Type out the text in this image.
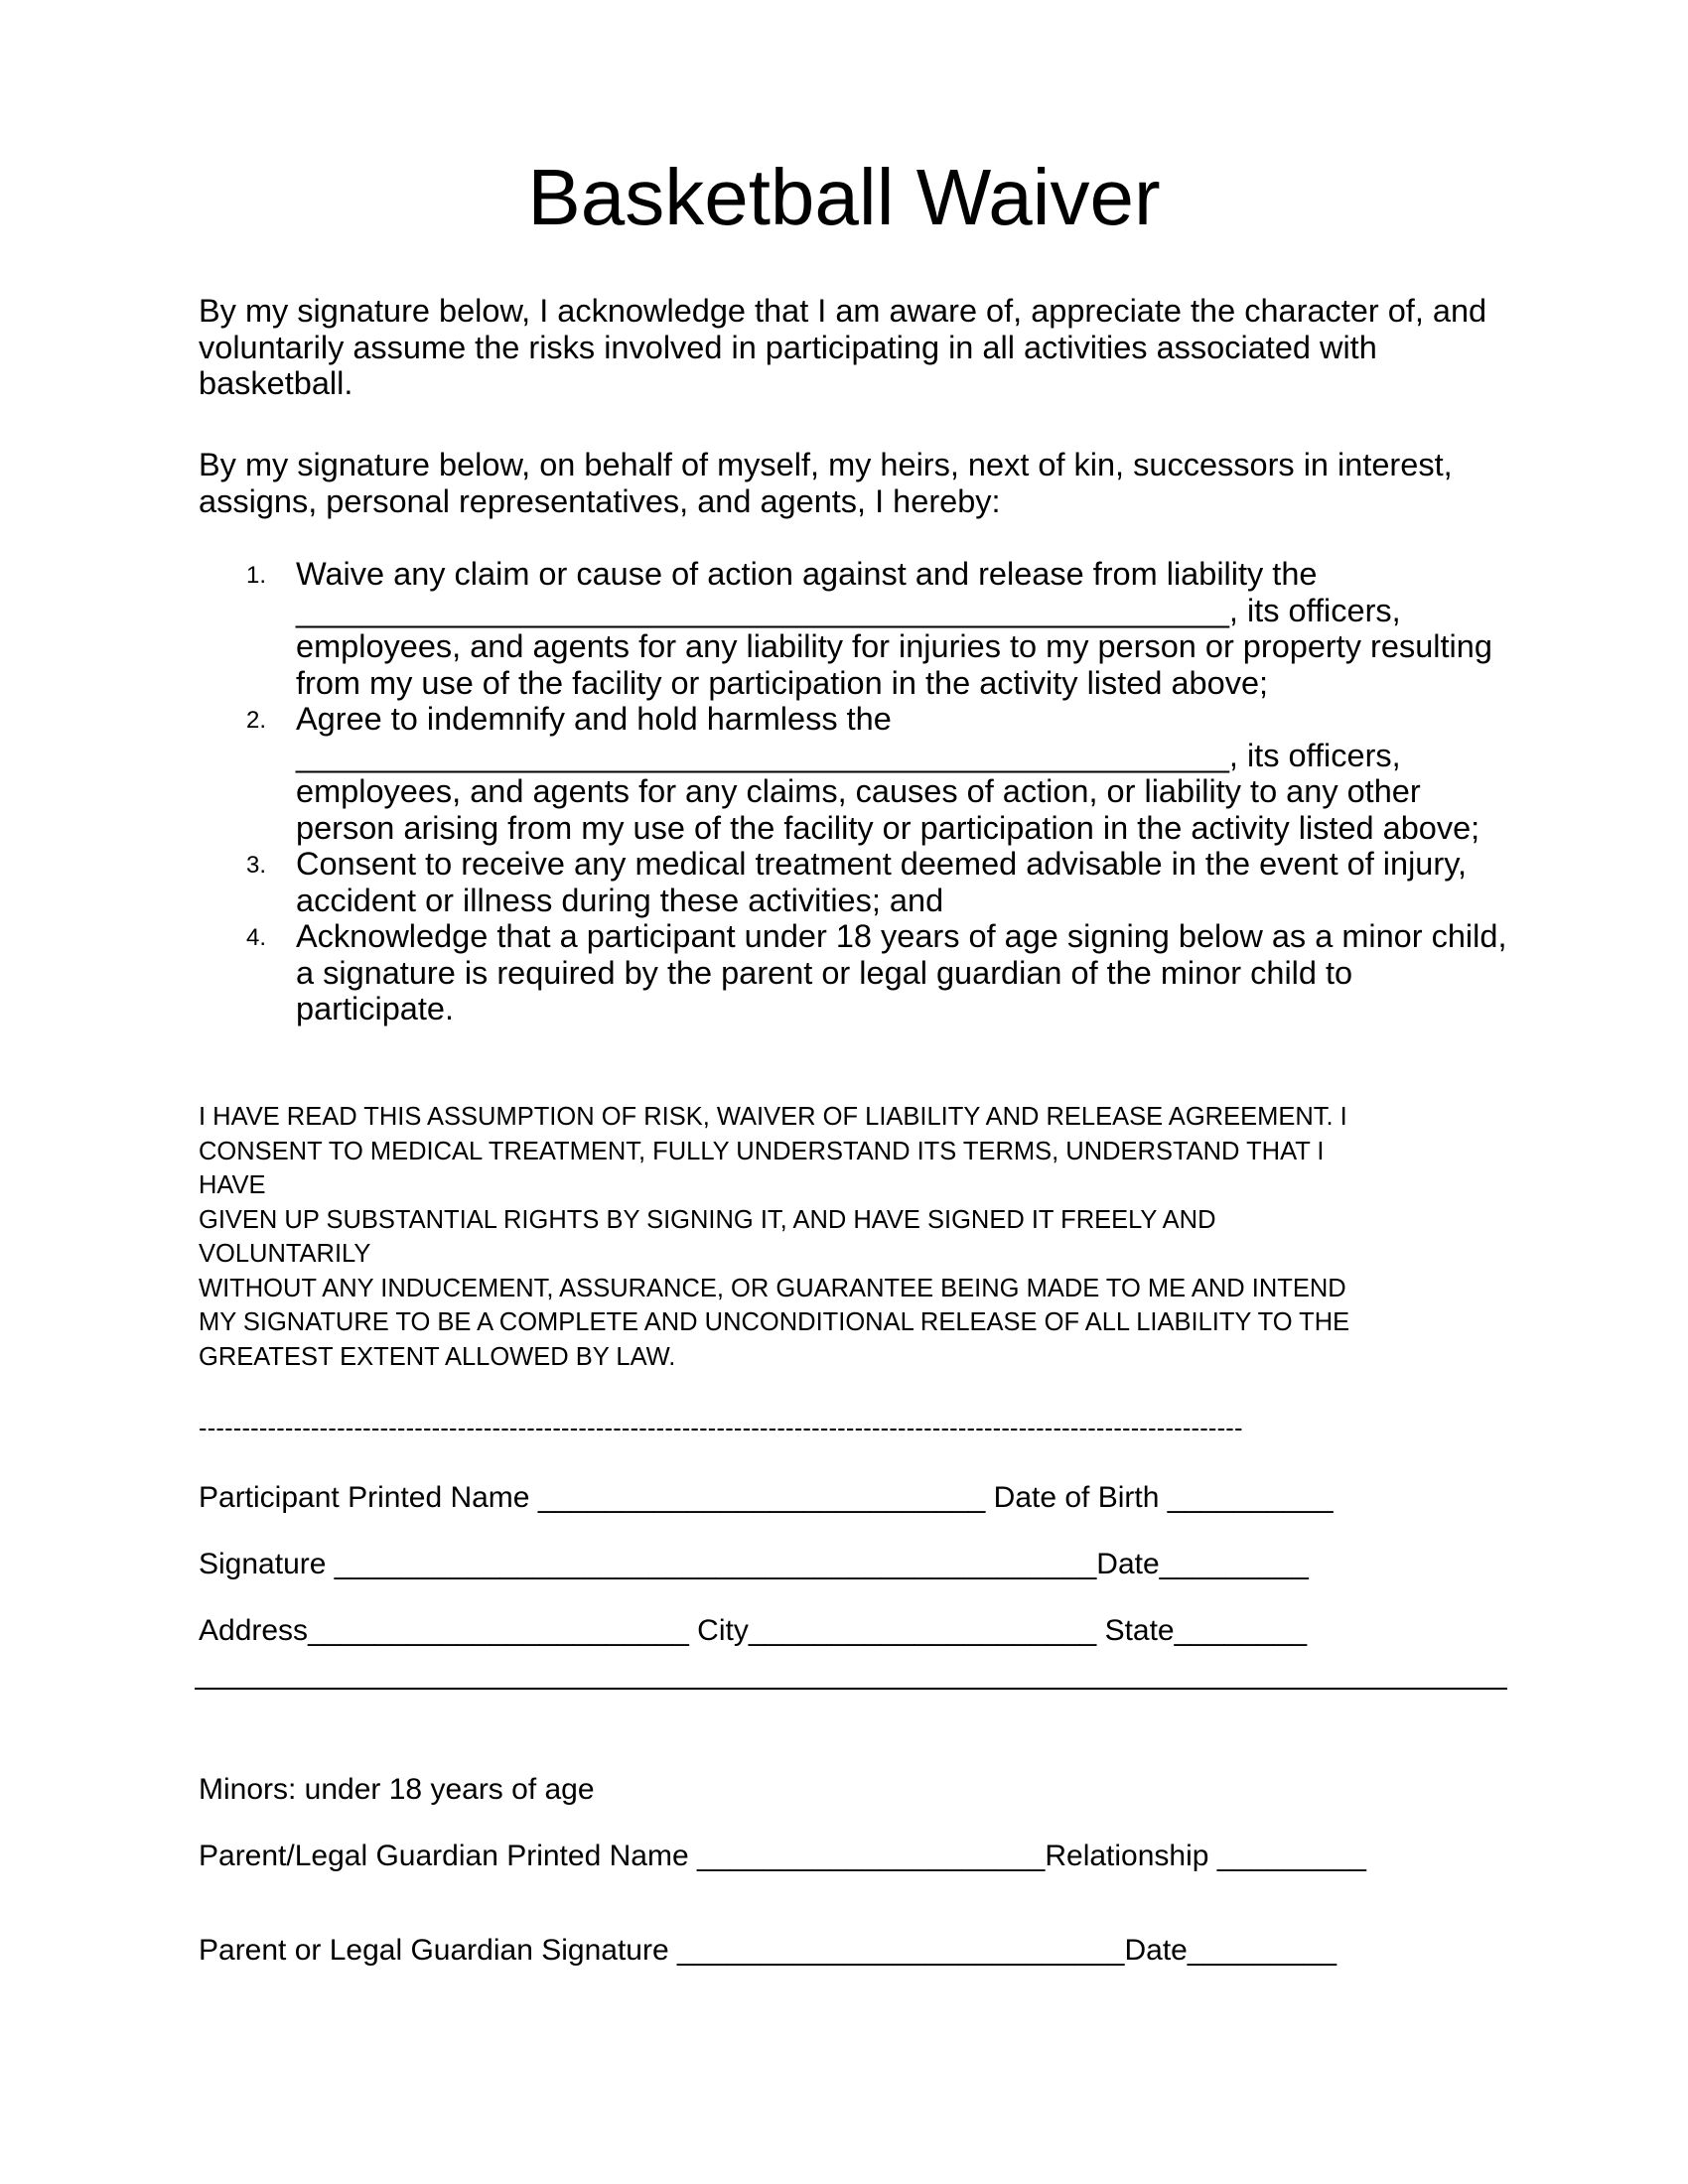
Basketball Waiver

By my signature below, I acknowledge that I am aware of, appreciate the character of, and voluntarily assume the risks involved in participating in all activities associated with basketball.

By my signature below, on behalf of myself, my heirs, next of kin, successors in interest, assigns, personal representatives, and agents, I hereby:

1. Waive any claim or cause of action against and release from liability the
____________________________________________________, its officers,
employees, and agents for any liability for injuries to my person or property resulting from my use of the facility or participation in the activity listed above;
2. Agree to indemnify and hold harmless the
____________________________________________________, its officers,
employees, and agents for any claims, causes of action, or liability to any other person arising from my use of the facility or participation in the activity listed above;
3. Consent to receive any medical treatment deemed advisable in the event of injury, accident or illness during these activities; and
4. Acknowledge that a participant under 18 years of age signing below as a minor child, a signature is required by the parent or legal guardian of the minor child to participate.
I HAVE READ THIS ASSUMPTION OF RISK, WAIVER OF LIABILITY AND RELEASE AGREEMENT. I
CONSENT TO MEDICAL TREATMENT, FULLY UNDERSTAND ITS TERMS, UNDERSTAND THAT I
HAVE
GIVEN UP SUBSTANTIAL RIGHTS BY SIGNING IT, AND HAVE SIGNED IT FREELY AND
VOLUNTARILY
WITHOUT ANY INDUCEMENT, ASSURANCE, OR GUARANTEE BEING MADE TO ME AND INTEND
MY SIGNATURE TO BE A COMPLETE AND UNCONDITIONAL RELEASE OF ALL LIABILITY TO THE
GREATEST EXTENT ALLOWED BY LAW.
-------------------------------------------------------------------------------------------------------------------------
Participant Printed Name ___________________________ Date of Birth __________
Signature ______________________________________________Date_________
Address_______________________ City_____________________ State________
Minors: under 18 years of age
Parent/Legal Guardian Printed Name _____________________Relationship _________
Parent or Legal Guardian Signature ___________________________Date_________
